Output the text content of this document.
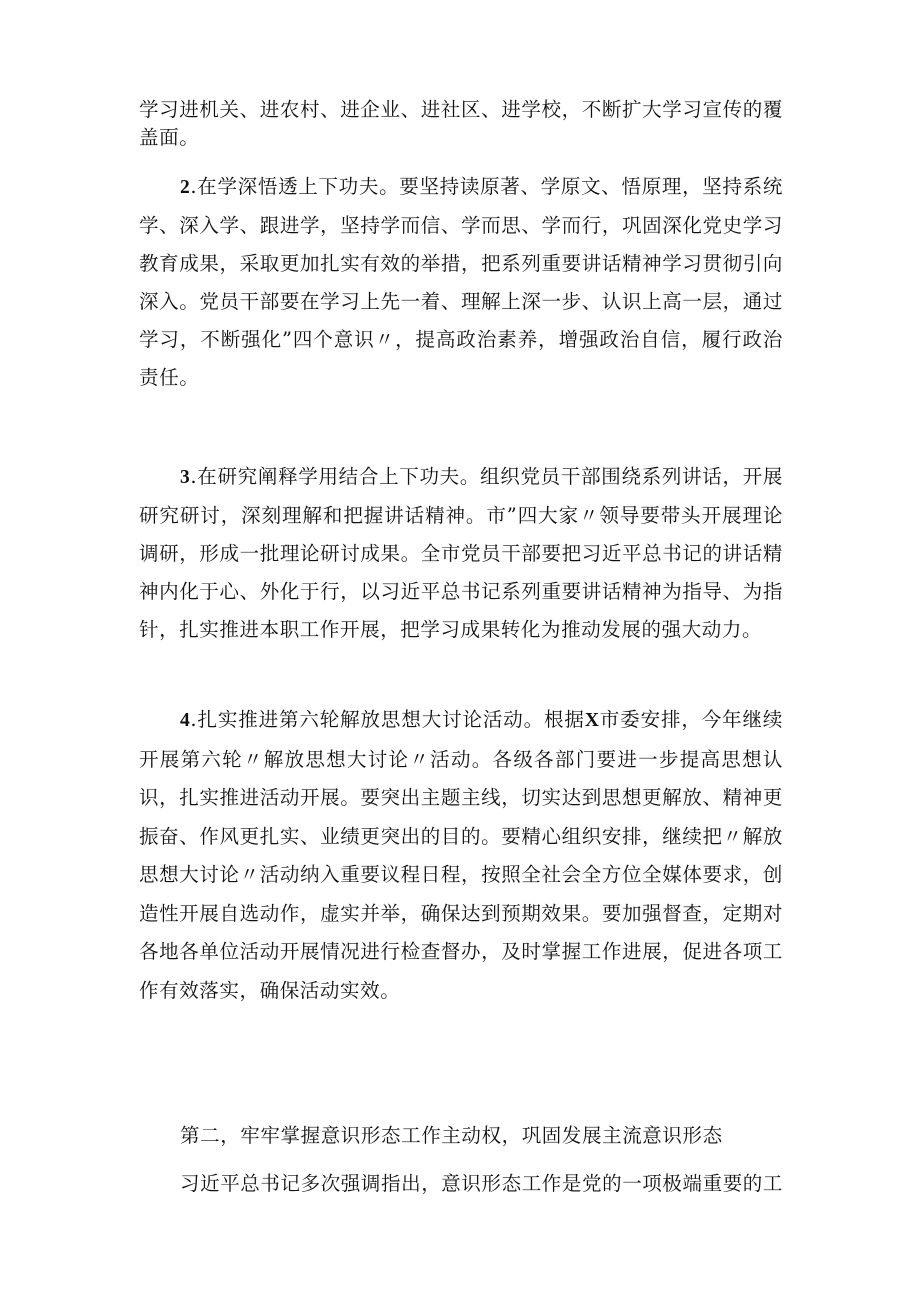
学习进机关、进农村、进企业、进社区、进学校，不断扩大学习宣传的覆盖面。

2.在学深悟透上下功夫。要坚持读原著、学原文、悟原理，坚持系统学、深入学、跟进学，坚持学而信、学而思、学而行，巩固深化党史学习教育成果，采取更加扎实有效的举措，把系列重要讲话精神学习贯彻引向深入。党员干部要在学习上先一着、理解上深一步、认识上高一层，通过学习，不断强化”四个意识〃，提高政治素养，增强政治自信，履行政治责任。

3.在研究阐释学用结合上下功夫。组织党员干部围绕系列讲话，开展研究研讨，深刻理解和把握讲话精神。市”四大家〃领导要带头开展理论调研，形成一批理论研讨成果。全市党员干部要把习近平总书记的讲话精神内化于心、外化于行，以习近平总书记系列重要讲话精神为指导、为指针，扎实推进本职工作开展，把学习成果转化为推动发展的强大动力。

4.扎实推进第六轮解放思想大讨论活动。根据X市委安排，今年继续开展第六轮〃解放思想大讨论〃活动。各级各部门要进一步提高思想认识，扎实推进活动开展。要突出主题主线，切实达到思想更解放、精神更振奋、作风更扎实、业绩更突出的目的。要精心组织安排，继续把〃解放思想大讨论〃活动纳入重要议程日程，按照全社会全方位全媒体要求，创造性开展自选动作，虚实并举，确保达到预期效果。要加强督查，定期对各地各单位活动开展情况进行检查督办，及时掌握工作进展，促进各项工作有效落实，确保活动实效。

第二，牢牢掌握意识形态工作主动权，巩固发展主流意识形态

习近平总书记多次强调指出，意识形态工作是党的一项极端重要的工
